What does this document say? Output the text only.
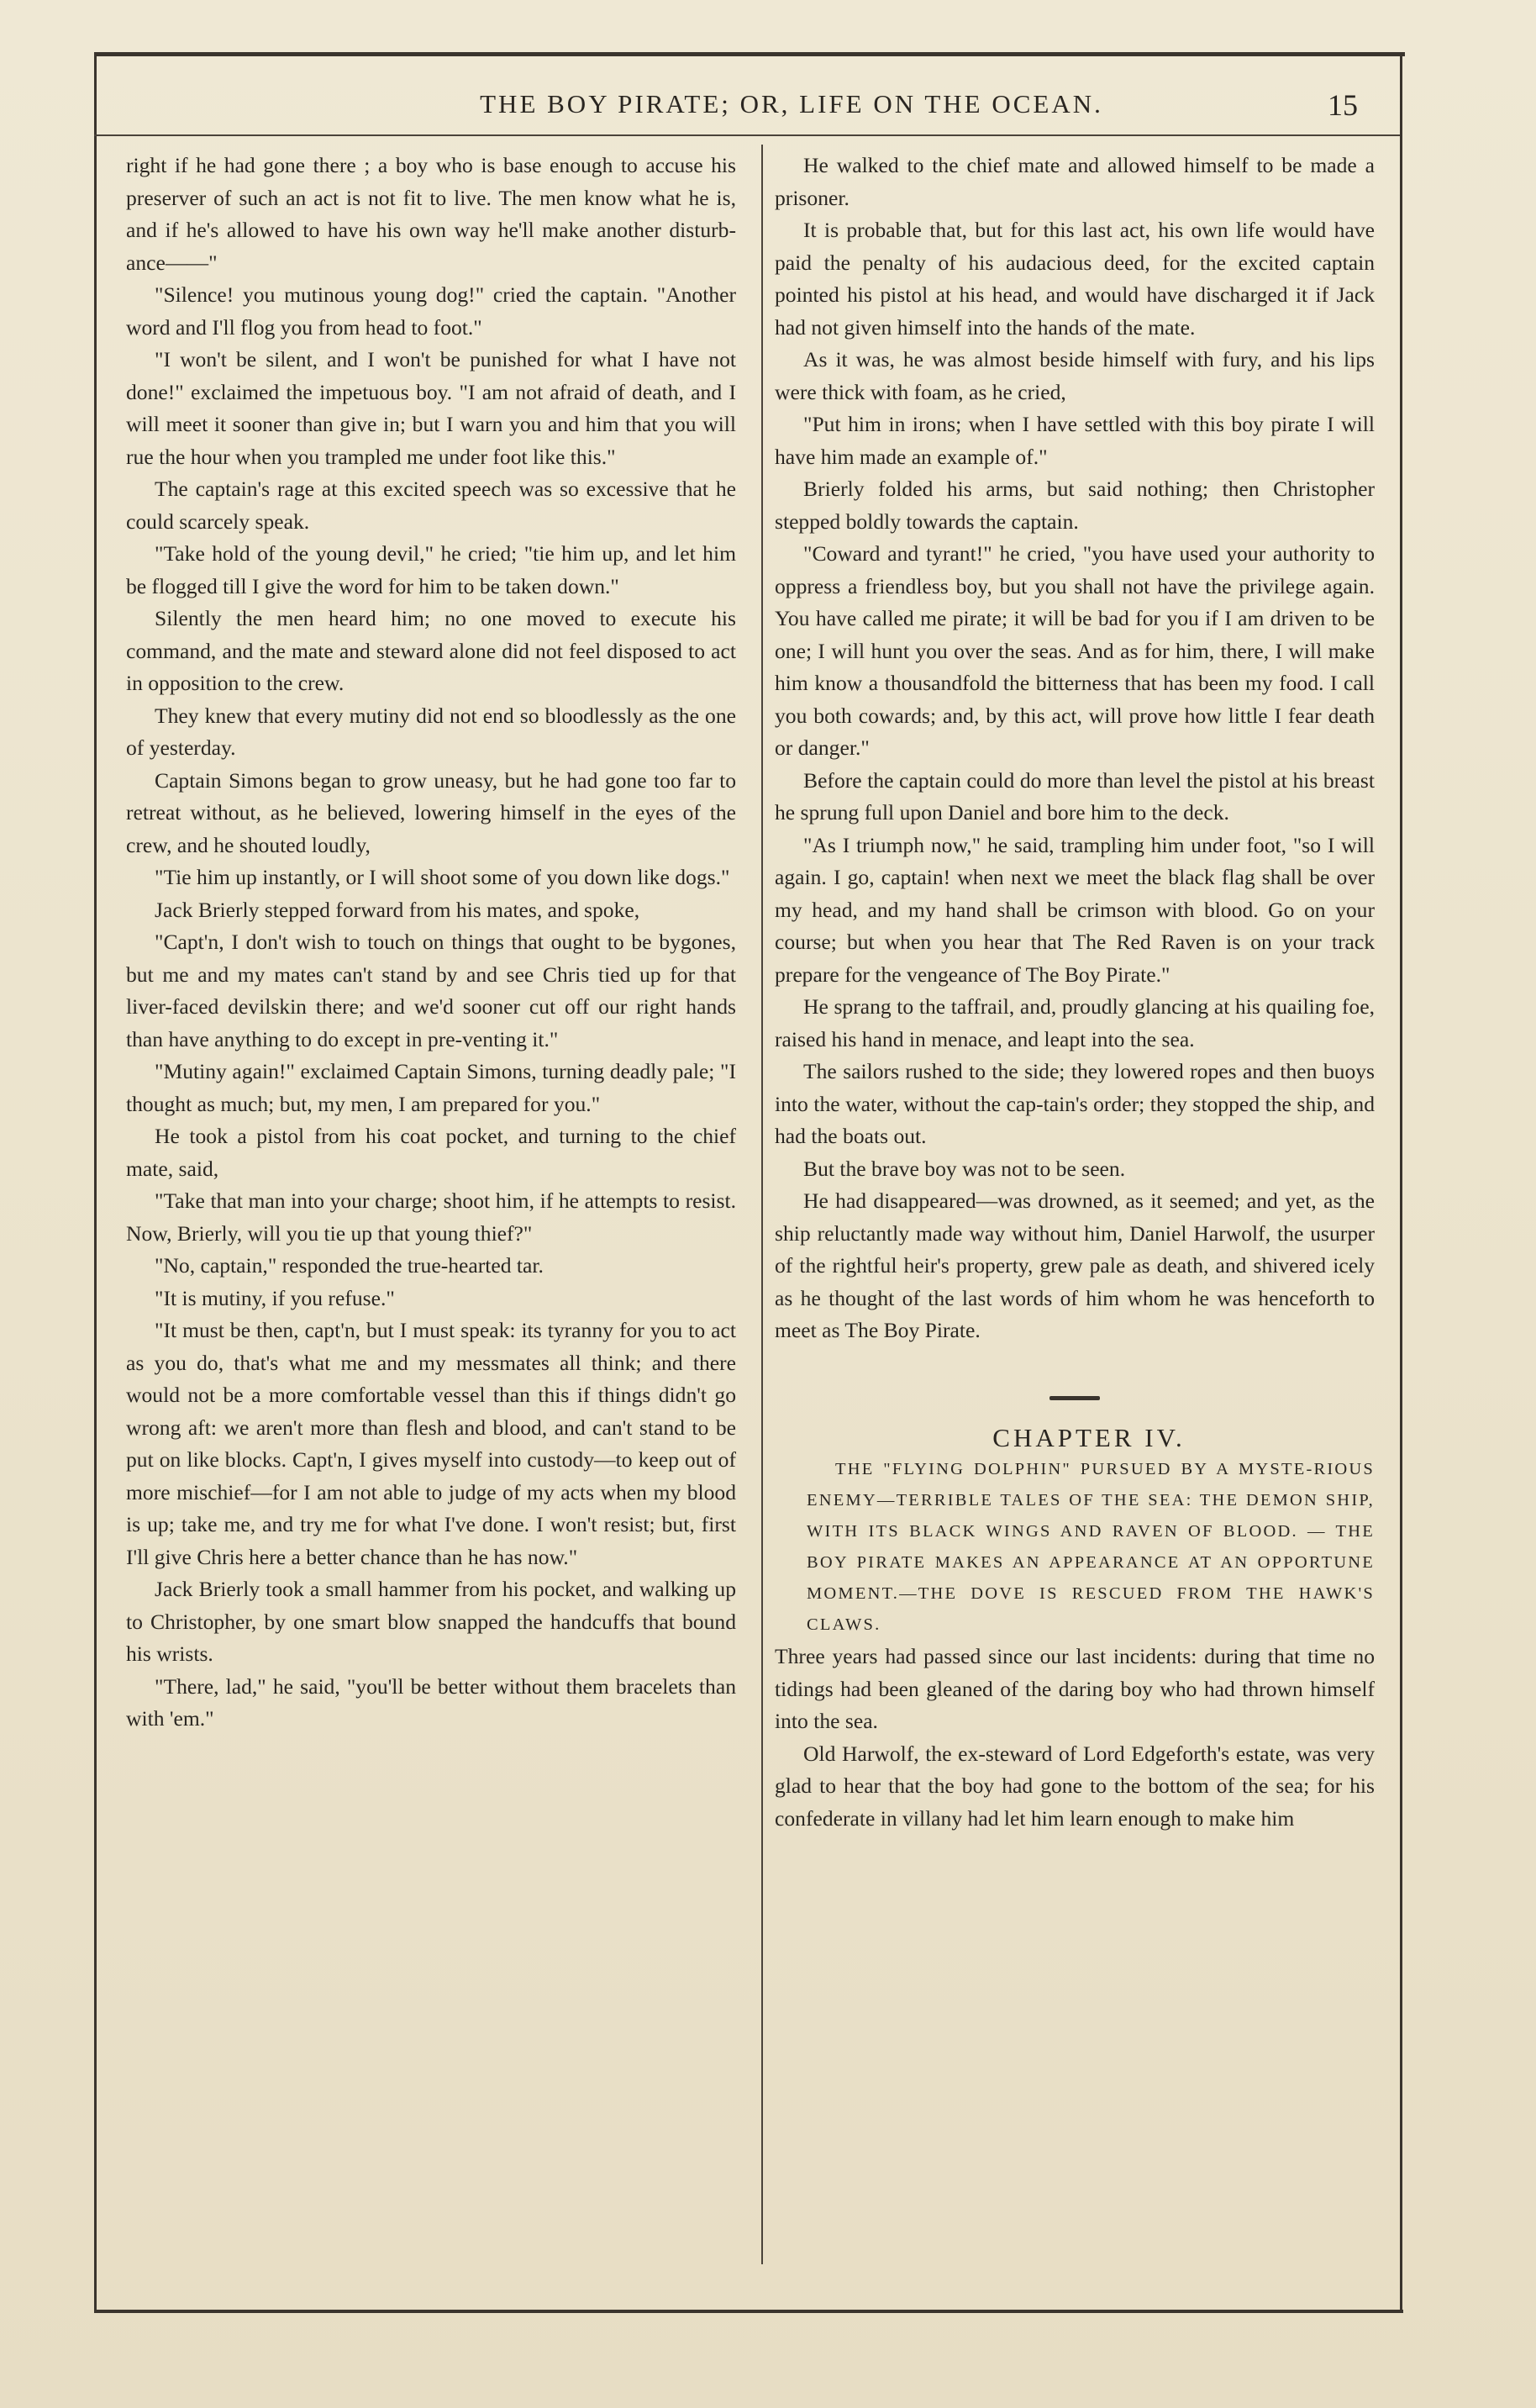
THE BOY PIRATE; OR, LIFE ON THE OCEAN.	15

right if he had gone there ; a boy who is base enough to accuse his preserver of such an act is not fit to live. The men know what he is, and if he's allowed to have his own way he'll make another disturb-ance——"

"Silence! you mutinous young dog!" cried the captain. "Another word and I'll flog you from head to foot."

"I won't be silent, and I won't be punished for what I have not done!" exclaimed the impetuous boy. "I am not afraid of death, and I will meet it sooner than give in; but I warn you and him that you will rue the hour when you trampled me under foot like this."

The captain's rage at this excited speech was so excessive that he could scarcely speak.

"Take hold of the young devil," he cried; "tie him up, and let him be flogged till I give the word for him to be taken down."

Silently the men heard him; no one moved to execute his command, and the mate and steward alone did not feel disposed to act in opposition to the crew.

They knew that every mutiny did not end so bloodlessly as the one of yesterday.

Captain Simons began to grow uneasy, but he had gone too far to retreat without, as he believed, lowering himself in the eyes of the crew, and he shouted loudly,

"Tie him up instantly, or I will shoot some of you down like dogs."

Jack Brierly stepped forward from his mates, and spoke,

"Capt'n, I don't wish to touch on things that ought to be bygones, but me and my mates can't stand by and see Chris tied up for that liver-faced devilskin there; and we'd sooner cut off our right hands than have anything to do except in pre-venting it."

"Mutiny again!" exclaimed Captain Simons, turning deadly pale; "I thought as much; but, my men, I am prepared for you."

He took a pistol from his coat pocket, and turning to the chief mate, said,

"Take that man into your charge; shoot him, if he attempts to resist. Now, Brierly, will you tie up that young thief?"

"No, captain," responded the true-hearted tar.

"It is mutiny, if you refuse."

"It must be then, capt'n, but I must speak: its tyranny for you to act as you do, that's what me and my messmates all think; and there would not be a more comfortable vessel than this if things didn't go wrong aft: we aren't more than flesh and blood, and can't stand to be put on like blocks. Capt'n, I gives myself into custody—to keep out of more mischief—for I am not able to judge of my acts when my blood is up; take me, and try me for what I've done. I won't resist; but, first I'll give Chris here a better chance than he has now."

Jack Brierly took a small hammer from his pocket, and walking up to Christopher, by one smart blow snapped the handcuffs that bound his wrists.

"There, lad," he said, "you'll be better without them bracelets than with 'em."

He walked to the chief mate and allowed himself to be made a prisoner.

It is probable that, but for this last act, his own life would have paid the penalty of his audacious deed, for the excited captain pointed his pistol at his head, and would have discharged it if Jack had not given himself into the hands of the mate.

As it was, he was almost beside himself with fury, and his lips were thick with foam, as he cried,

"Put him in irons; when I have settled with this boy pirate I will have him made an example of."

Brierly folded his arms, but said nothing; then Christopher stepped boldly towards the captain.

"Coward and tyrant!" he cried, "you have used your authority to oppress a friendless boy, but you shall not have the privilege again. You have called me pirate; it will be bad for you if I am driven to be one; I will hunt you over the seas. And as for him, there, I will make him know a thousandfold the bitterness that has been my food. I call you both cowards; and, by this act, will prove how little I fear death or danger."

Before the captain could do more than level the pistol at his breast he sprung full upon Daniel and bore him to the deck.

"As I triumph now," he said, trampling him under foot, "so I will again. I go, captain! when next we meet the black flag shall be over my head, and my hand shall be crimson with blood. Go on your course; but when you hear that The Red Raven is on your track prepare for the vengeance of The Boy Pirate."

He sprang to the taffrail, and, proudly glancing at his quailing foe, raised his hand in menace, and leapt into the sea.

The sailors rushed to the side; they lowered ropes and then buoys into the water, without the cap-tain's order; they stopped the ship, and had the boats out.

But the brave boy was not to be seen.

He had disappeared—was drowned, as it seemed; and yet, as the ship reluctantly made way without him, Daniel Harwolf, the usurper of the rightful heir's property, grew pale as death, and shivered icely as he thought of the last words of him whom he was henceforth to meet as The Boy Pirate.

CHAPTER IV.

THE "FLYING DOLPHIN" PURSUED BY A MYSTE-RIOUS ENEMY—TERRIBLE TALES OF THE SEA: THE DEMON SHIP, WITH ITS BLACK WINGS AND RAVEN OF BLOOD. — THE BOY PIRATE MAKES AN APPEARANCE AT AN OPPORTUNE MOMENT.—THE DOVE IS RESCUED FROM THE HAWK'S CLAWS.

Three years had passed since our last incidents: during that time no tidings had been gleaned of the daring boy who had thrown himself into the sea.

Old Harwolf, the ex-steward of Lord Edgeforth's estate, was very glad to hear that the boy had gone to the bottom of the sea; for his confederate in villany had let him learn enough to make him
